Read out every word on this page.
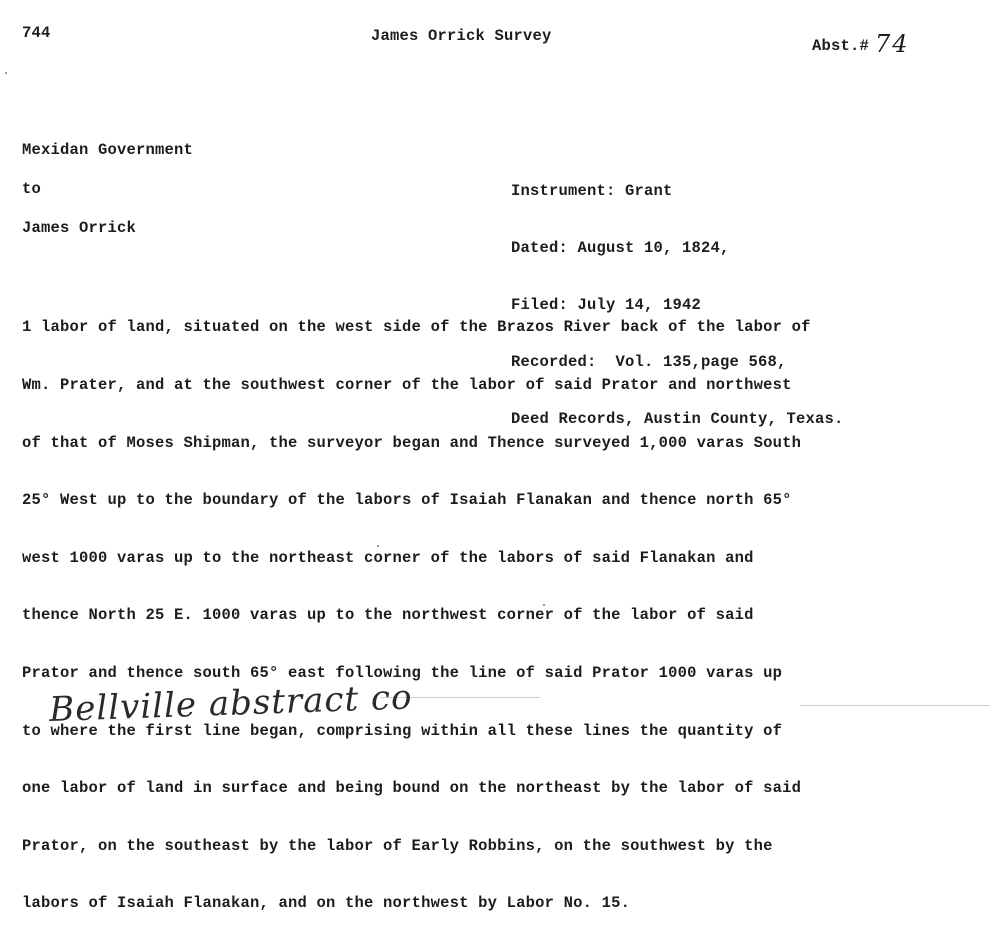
744	James Orrick Survey
Abst.# 74
Mexidan Government
to
James Orrick

Instrument: Grant

Dated: August 10, 1824,

Filed: July 14, 1942

Recorded:  Vol. 135,page 568,

Deed Records, Austin County, Texas.

1 labor of land, situated on the west side of the Brazos River back of the labor of

Wm. Prater, and at the southwest corner of the labor of said Prator and northwest

of that of Moses Shipman, the surveyor began and Thence surveyed 1,000 varas South

25° West up to the boundary of the labors of Isaiah Flanakan and thence north 65°

west 1000 varas up to the northeast corner of the labors of said Flanakan and

thence North 25 E. 1000 varas up to the northwest corner of the labor of said

Prator and thence south 65° east following the line of said Prator 1000 varas up

to where the first line began, comprising within all these lines the quantity of

one labor of land in surface and being bound on the northeast by the labor of said

Prator, on the southeast by the labor of Early Robbins, on the southwest by the

labors of Isaiah Flanakan, and on the northwest by Labor No. 15.

Bellville abstract co
